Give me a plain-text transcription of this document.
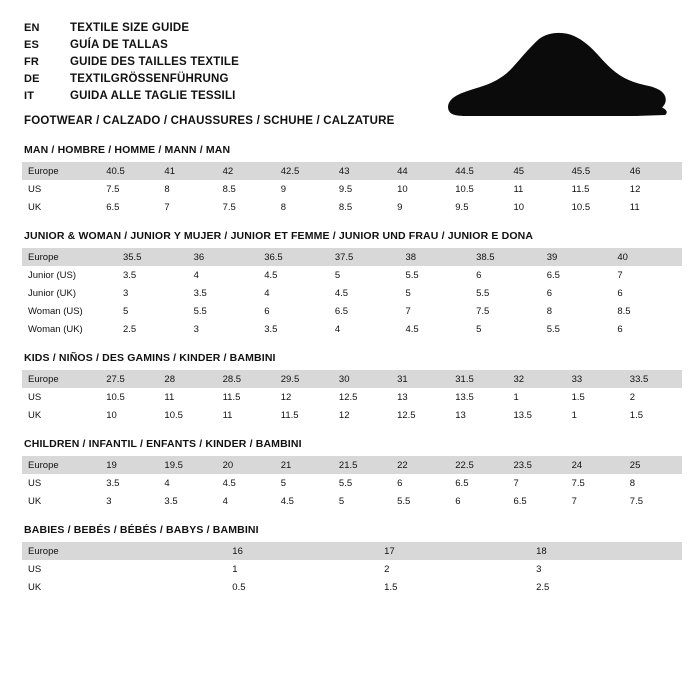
EN	TEXTILE SIZE GUIDE
ES	GUÍA DE TALLAS
FR	GUIDE DES TAILLES TEXTILE
DE	TEXTILGRÖSSENFÜHRUNG
IT	GUIDA ALLE TAGLIE TESSILI
FOOTWEAR / CALZADO / CHAUSSURES / SCHUHE / CALZATURE
MAN / HOMBRE / HOMME / MANN / MAN
Europe	40.5	41	42	42.5	43	44	44.5	45	45.5	46
US	7.5	8	8.5	9	9.5	10	10.5	11	11.5	12
UK	6.5	7	7.5	8	8.5	9	9.5	10	10.5	11
JUNIOR & WOMAN / JUNIOR Y MUJER / JUNIOR ET FEMME / JUNIOR UND FRAU / JUNIOR E DONA
Europe	35.5	36	36.5	37.5	38	38.5	39	40
Junior (US)	3.5	4	4.5	5	5.5	6	6.5	7
Junior (UK)	3	3.5	4	4.5	5	5.5	6	6
Woman (US)	5	5.5	6	6.5	7	7.5	8	8.5
Woman (UK)	2.5	3	3.5	4	4.5	5	5.5	6
KIDS / NIÑOS / DES GAMINS / KINDER / BAMBINI
Europe	27.5	28	28.5	29.5	30	31	31.5	32	33	33.5
US	10.5	11	11.5	12	12.5	13	13.5	1	1.5	2
UK	10	10.5	11	11.5	12	12.5	13	13.5	1	1.5
CHILDREN / INFANTIL / ENFANTS / KINDER / BAMBINI
Europe	19	19.5	20	21	21.5	22	22.5	23.5	24	25
US	3.5	4	4.5	5	5.5	6	6.5	7	7.5	8
UK	3	3.5	4	4.5	5	5.5	6	6.5	7	7.5
BABIES / BEBÉS / BÉBÉS / BABYS / BAMBINI
Europe	16	17	18
US	1	2	3
UK	0.5	1.5	2.5
